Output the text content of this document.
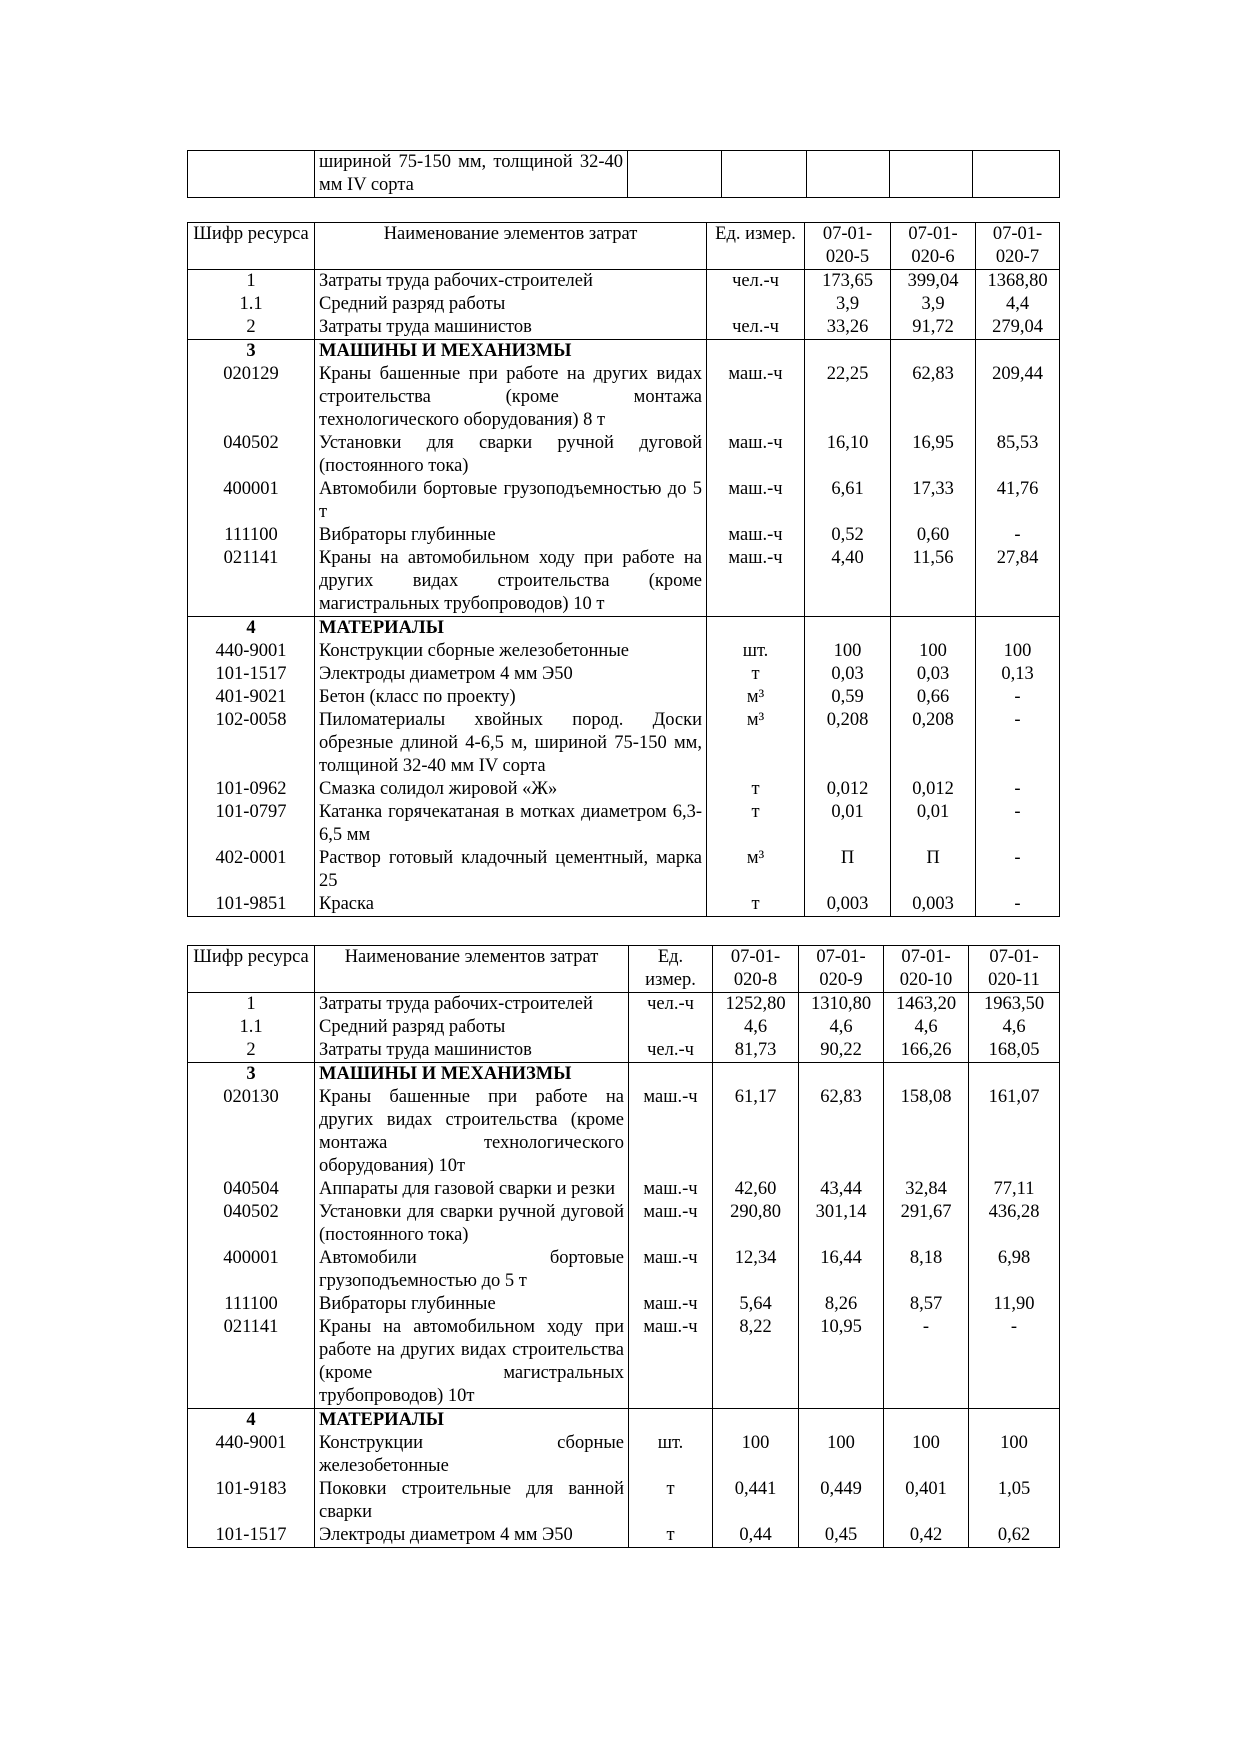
	шириной 75-150 мм, толщиной 32-40 мм IV сорта					
Шифр ресурса	Наименование элементов затрат	Ед. измер.	07-01-020-5	07-01-020-6	07-01-020-7
1	Затраты труда рабочих-строителей	чел.-ч	173,65	399,04	1368,80
1.1	Средний разряд работы		3,9	3,9	4,4
2	Затраты труда машинистов	чел.-ч	33,26	91,72	279,04
3	МАШИНЫ И МЕХАНИЗМЫ				
020129	Краны башенные при работе на других видах строительства (кроме монтажа технологического оборудования) 8 т	маш.-ч	22,25	62,83	209,44
040502	Установки для сварки ручной дуговой (постоянного тока)	маш.-ч	16,10	16,95	85,53
400001	Автомобили бортовые грузоподъемностью до 5 т	маш.-ч	6,61	17,33	41,76
111100	Вибраторы глубинные	маш.-ч	0,52	0,60	-
021141	Краны на автомобильном ходу при работе на других видах строительства (кроме магистральных трубопроводов) 10 т	маш.-ч	4,40	11,56	27,84
4	МАТЕРИАЛЫ				
440-9001	Конструкции сборные железобетонные	шт.	100	100	100
101-1517	Электроды диаметром 4 мм Э50	т	0,03	0,03	0,13
401-9021	Бетон (класс по проекту)	м³	0,59	0,66	-
102-0058	Пиломатериалы хвойных пород. Доски обрезные длиной 4-6,5 м, шириной 75-150 мм, толщиной 32-40 мм IV сорта	м³	0,208	0,208	-
101-0962	Смазка солидол жировой «Ж»	т	0,012	0,012	-
101-0797	Катанка горячекатаная в мотках диаметром 6,3-6,5 мм	т	0,01	0,01	-
402-0001	Раствор готовый кладочный цементный, марка 25	м³	П	П	-
101-9851	Краска	т	0,003	0,003	-
Шифр ресурса	Наименование элементов затрат	Ед. измер.	07-01-020-8	07-01-020-9	07-01-020-10	07-01-020-11
1	Затраты труда рабочих-строителей	чел.-ч	1252,80	1310,80	1463,20	1963,50
1.1	Средний разряд работы		4,6	4,6	4,6	4,6
2	Затраты труда машинистов	чел.-ч	81,73	90,22	166,26	168,05
3	МАШИНЫ И МЕХАНИЗМЫ					
020130	Краны башенные при работе на других видах строительства (кроме монтажа технологического оборудования) 10т	маш.-ч	61,17	62,83	158,08	161,07
040504	Аппараты для газовой сварки и резки	маш.-ч	42,60	43,44	32,84	77,11
040502	Установки для сварки ручной дуговой (постоянного тока)	маш.-ч	290,80	301,14	291,67	436,28
400001	Автомобили бортовые грузоподъемностью до 5 т	маш.-ч	12,34	16,44	8,18	6,98
111100	Вибраторы глубинные	маш.-ч	5,64	8,26	8,57	11,90
021141	Краны на автомобильном ходу при работе на других видах строительства (кроме магистральных трубопроводов) 10т	маш.-ч	8,22	10,95	-	-
4	МАТЕРИАЛЫ					
440-9001	Конструкции сборные железобетонные	шт.	100	100	100	100
101-9183	Поковки строительные для ванной сварки	т	0,441	0,449	0,401	1,05
101-1517	Электроды диаметром 4 мм Э50	т	0,44	0,45	0,42	0,62
